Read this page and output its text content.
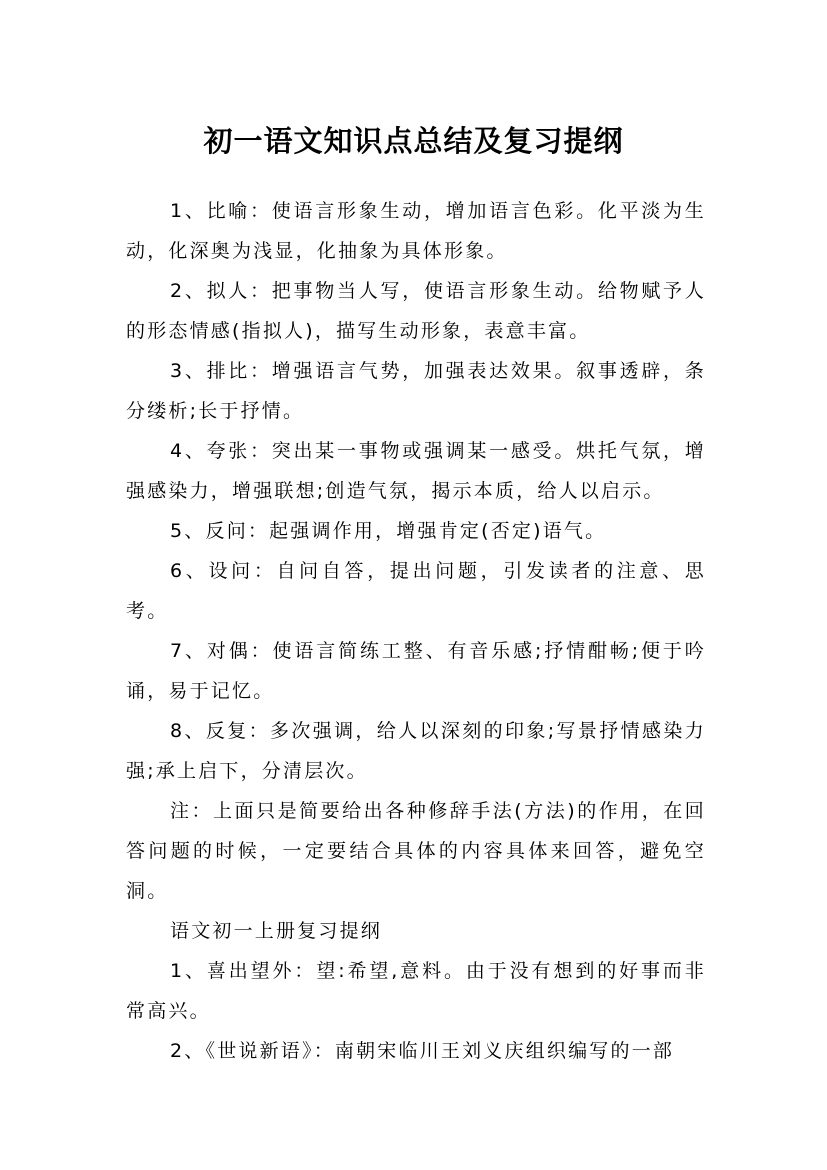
初一语文知识点总结及复习提纲

1、比喻：使语言形象生动，增加语言色彩。化平淡为生动，化深奥为浅显，化抽象为具体形象。

2、拟人：把事物当人写，使语言形象生动。给物赋予人的形态情感(指拟人)，描写生动形象，表意丰富。

3、排比：增强语言气势，加强表达效果。叙事透辟，条分缕析;长于抒情。

4、夸张：突出某一事物或强调某一感受。烘托气氛，增强感染力，增强联想;创造气氛，揭示本质，给人以启示。

5、反问：起强调作用，增强肯定(否定)语气。

6、设问：自问自答，提出问题，引发读者的注意、思考。

7、对偶：使语言简练工整、有音乐感;抒情酣畅;便于吟诵，易于记忆。

8、反复：多次强调，给人以深刻的印象;写景抒情感染力强;承上启下，分清层次。

注：上面只是简要给出各种修辞手法(方法)的作用，在回答问题的时候，一定要结合具体的内容具体来回答，避免空洞。

语文初一上册复习提纲

1、喜出望外：望:希望,意料。由于没有想到的好事而非常高兴。

2、《世说新语》：南朝宋临川王刘义庆组织编写的一部
